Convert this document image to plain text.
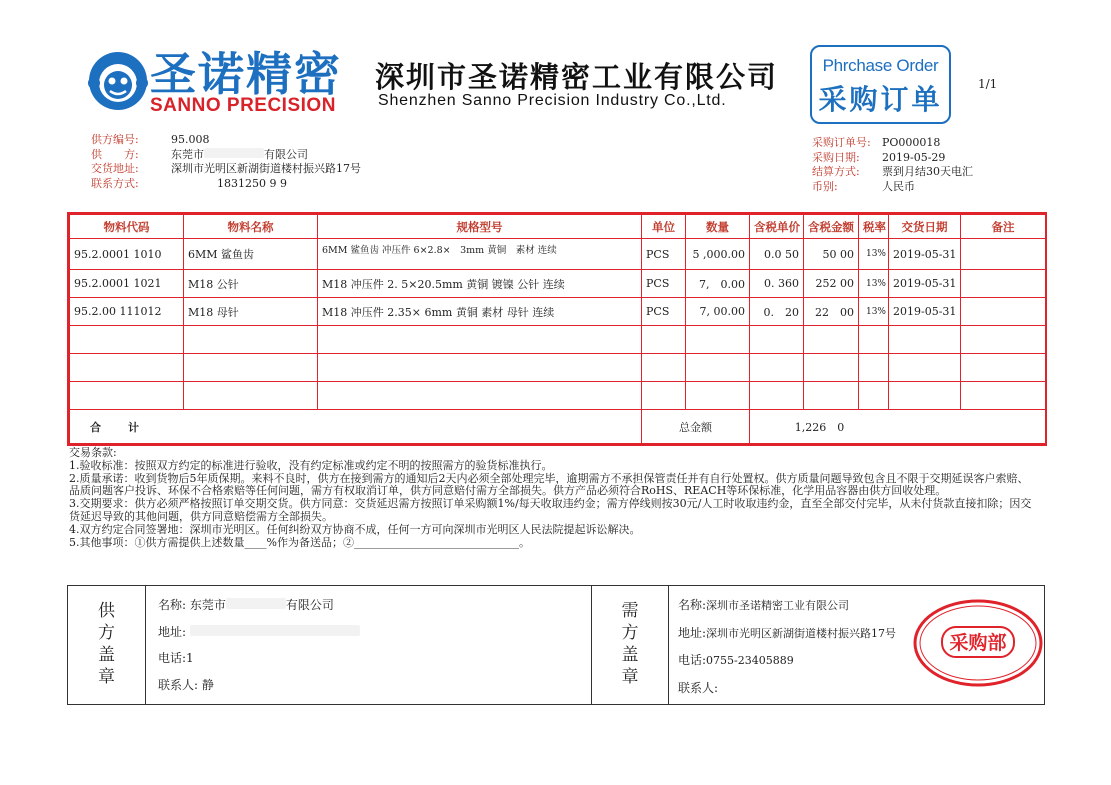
圣诺精密
SANNO PRECISION
深圳市圣诺精密工业有限公司
Shenzhen Sanno Precision Industry Co.,Ltd.
Phrchase Order
采购订单	1/1
供方编号:	95.008
供　　方:	东莞市	有限公司
交货地址:	深圳市光明区新湖街道楼村振兴路17号
联系方式:	1831250 9 9
采购订单号: PO000018
采购日期: 2019-05-29
结算方式: 票到月结30天电汇
币别:	人民币
物料代码	物料名称	规格型号	单位	数量	含税单价	含税金额	税率	交货日期	备注
95.2.0001 1010	6MM 鲨鱼齿	6MM 鲨鱼齿 冲压件 6×2.8×　3mm 黄铜　素材 连续	PCS	5 ,000.00	0.0 50	50 00	13%	2019-05-31	
95.2.0001 1021	M18 公针	M18 冲压件 2. 5×20.5mm 黄铜 镀镍 公针 连续	PCS	7,　0.00	0. 360	252 00	13%	2019-05-31	
95.2.00 111012	M18 母针	M18 冲压件 2.35× 6mm 黄铜 素材 母针 连续	PCS	7, 00.00	0.　20	22　00	13%	2019-05-31	

合　计			总金额		1,226　0				

交易条款:

1.验收标准：按照双方约定的标准进行验收，没有约定标准或约定不明的按照需方的验货标准执行。

2.质量承诺：收到货物后5年质保期。来料不良时，供方在接到需方的通知后2天内必须全部处理完毕，逾期需方不承担保管责任并有自行处置权。供方质量问题导致包含且不限于交期延误客户索赔、品质问题客户投诉、环保不合格索赔等任何问题，需方有权取消订单，供方同意赔付需方全部损失。供方产品必须符合RoHS、REACH等环保标准，化学用品容器由供方回收处理。

3.交期要求：供方必须严格按照订单交期交货。供方同意：交货延迟需方按照订单采购额1%/每天收取违约金；需方停线则按30元/人工时收取违约金，直至全部交付完毕，从未付货款直接扣除；因交货延迟导致的其他问题，供方同意赔偿需方全部损失。

4.双方约定合同签署地：深圳市光明区。任何纠纷双方协商不成，任何一方可向深圳市光明区人民法院提起诉讼解决。

5.其他事项：①供方需提供上述数量____%作为备送品；②______________________________。

供方盖章
名称: 东莞市	有限公司
地址:
电话:1
联系人: 静
需方盖章
名称:深圳市圣诺精密工业有限公司
地址:深圳市光明区新湖街道楼村振兴路17号
电话:0755-23405889
联系人:
采购部
